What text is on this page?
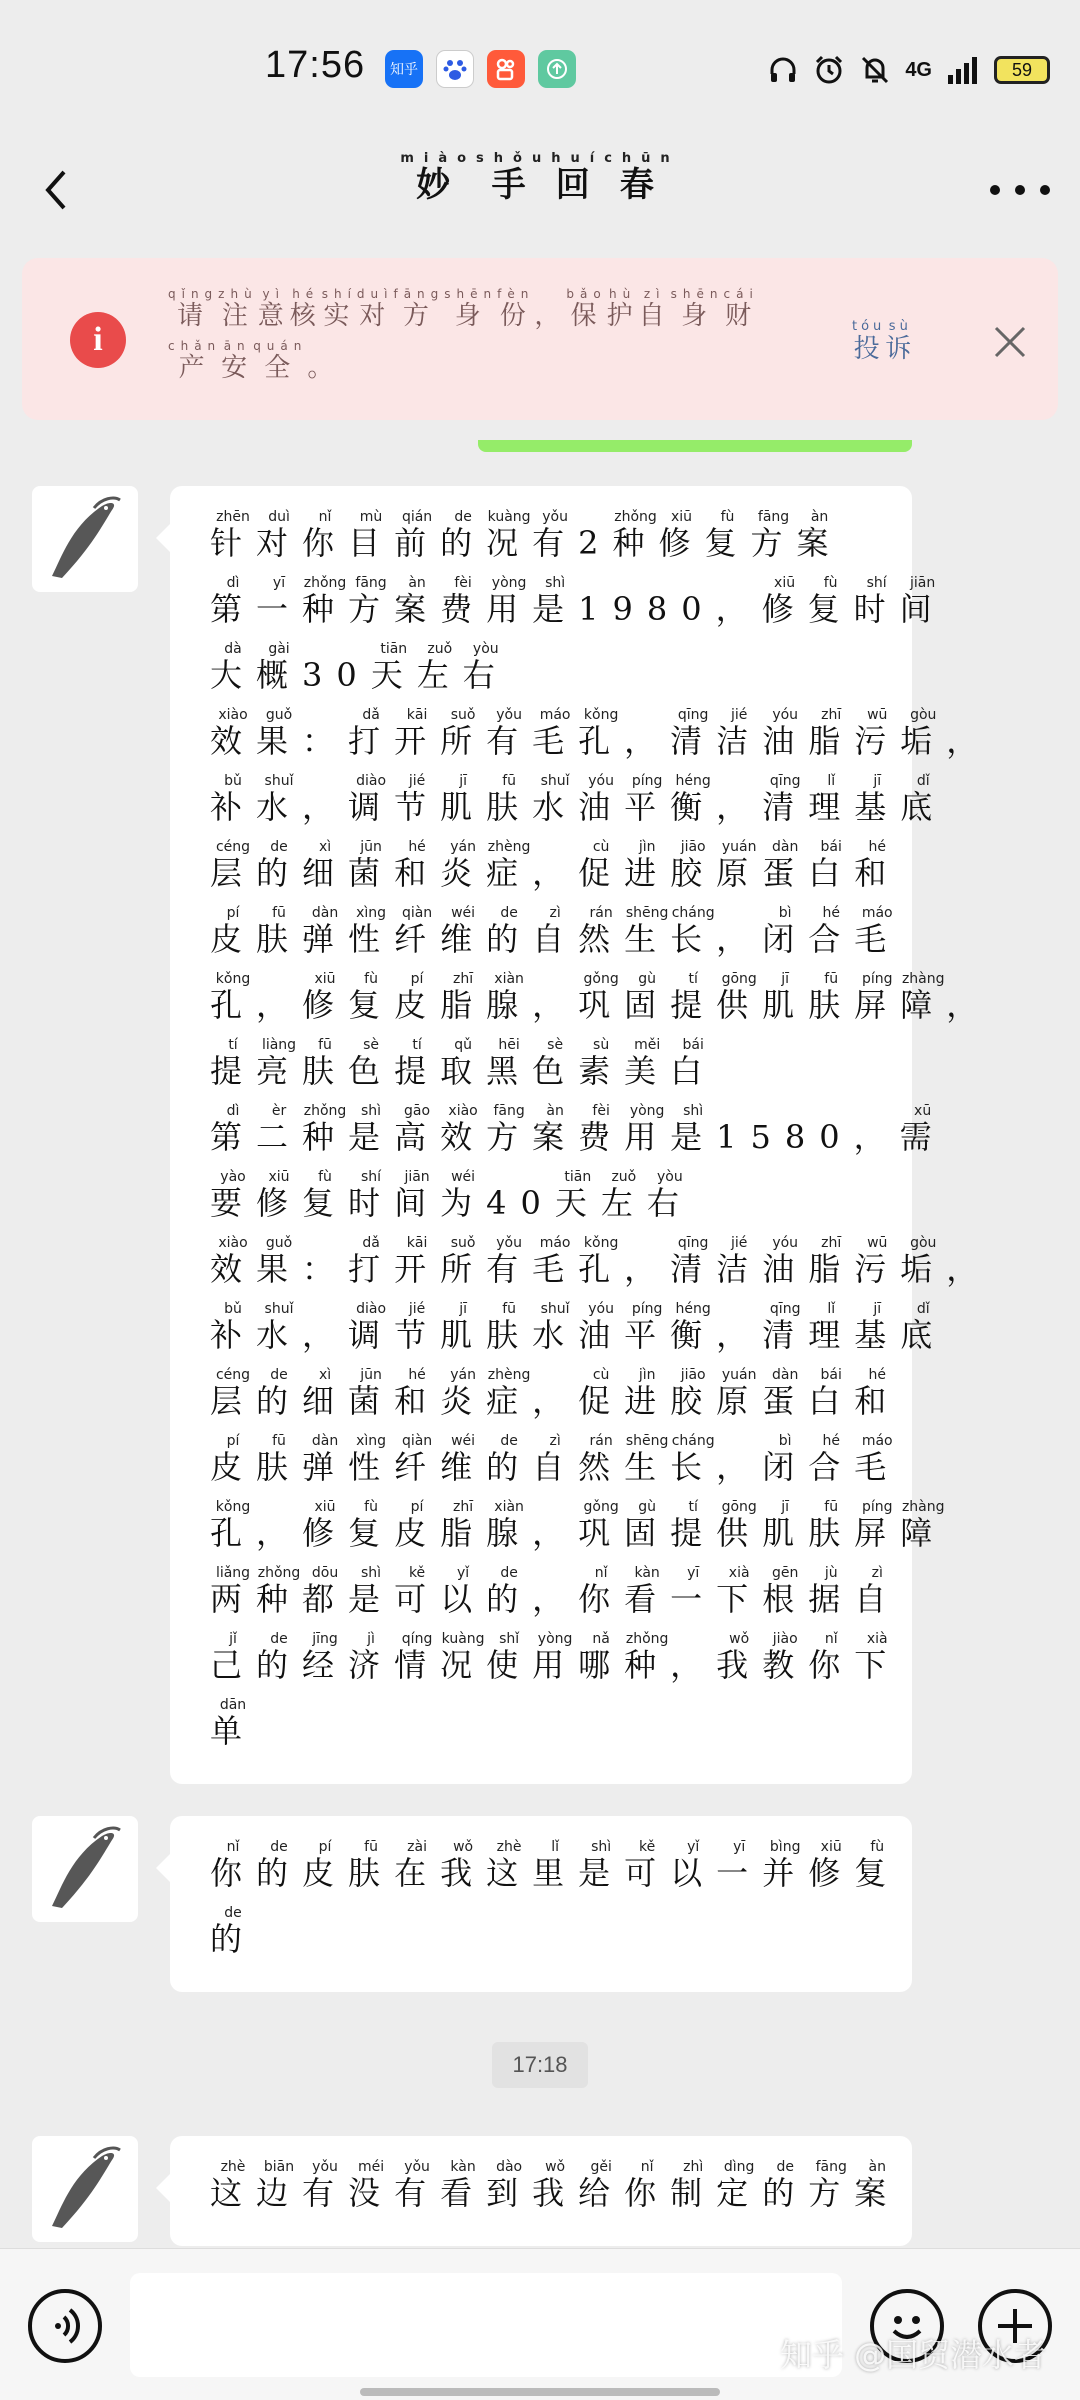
17:56	知乎	4G	59
妙miào手shǒu回huí春chūn
i
请qǐng注zhù意yì核hé实shí对duì方fāng身shēn份fèn，保bǎo护hù自zì身shēn财cái产chǎn安ān全quán。
投tóu诉sù
针zhēn对duì你nǐ目mù前qián的de况kuàng有yǒu2种zhǒng修xiū复fù方fāng案àn
第dì一yī种zhǒng方fāng案àn费fèi用yòng是shì1980，修xiū复fù时shí间jiān
大dà概gài30天tiān左zuǒ右yòu
效xiào果guǒ：打dǎ开kāi所suǒ有yǒu毛máo孔kǒng，清qīng洁jié油yóu脂zhī污wū垢gòu，
补bǔ水shuǐ，调diào节jié肌jī肤fū水shuǐ油yóu平píng衡héng，清qīng理lǐ基jī底dǐ
层céng的de细xì菌jūn和hé炎yán症zhèng，促cù进jìn胶jiāo原yuán蛋dàn白bái和hé
皮pí肤fū弹dàn性xìng纤qiàn维wéi的de自zì然rán生shēng长cháng，闭bì合hé毛máo
孔kǒng，修xiū复fù皮pí脂zhī腺xiàn，巩gǒng固gù提tí供gōng肌jī肤fū屏píng障zhàng，
提tí亮liàng肤fū色sè提tí取qǔ黑hēi色sè素sù美měi白bái
第dì二èr种zhǒng是shì高gāo效xiào方fāng案àn费fèi用yòng是shì1580，需xū
要yào修xiū复fù时shí间jiān为wéi40天tiān左zuǒ右yòu
效xiào果guǒ：打dǎ开kāi所suǒ有yǒu毛máo孔kǒng，清qīng洁jié油yóu脂zhī污wū垢gòu，
补bǔ水shuǐ，调diào节jié肌jī肤fū水shuǐ油yóu平píng衡héng，清qīng理lǐ基jī底dǐ
层céng的de细xì菌jūn和hé炎yán症zhèng，促cù进jìn胶jiāo原yuán蛋dàn白bái和hé
皮pí肤fū弹dàn性xìng纤qiàn维wéi的de自zì然rán生shēng长cháng，闭bì合hé毛máo
孔kǒng，修xiū复fù皮pí脂zhī腺xiàn，巩gǒng固gù提tí供gōng肌jī肤fū屏píng障zhàng
两liǎng种zhǒng都dōu是shì可kě以yǐ的de，你nǐ看kàn一yī下xià根gēn据jù自zì
己jǐ的de经jīng济jì情qíng况kuàng使shǐ用yòng哪nǎ种zhǒng，我wǒ教jiào你nǐ下xià
单dān
你nǐ的de皮pí肤fū在zài我wǒ这zhè里lǐ是shì可kě以yǐ一yī并bìng修xiū复fù
的de
17:18
这zhè边biān有yǒu没méi有yǒu看kàn到dào我wǒ给gěi你nǐ制zhì定dìng的de方fāng案àn
知乎 @国贸潜水者
